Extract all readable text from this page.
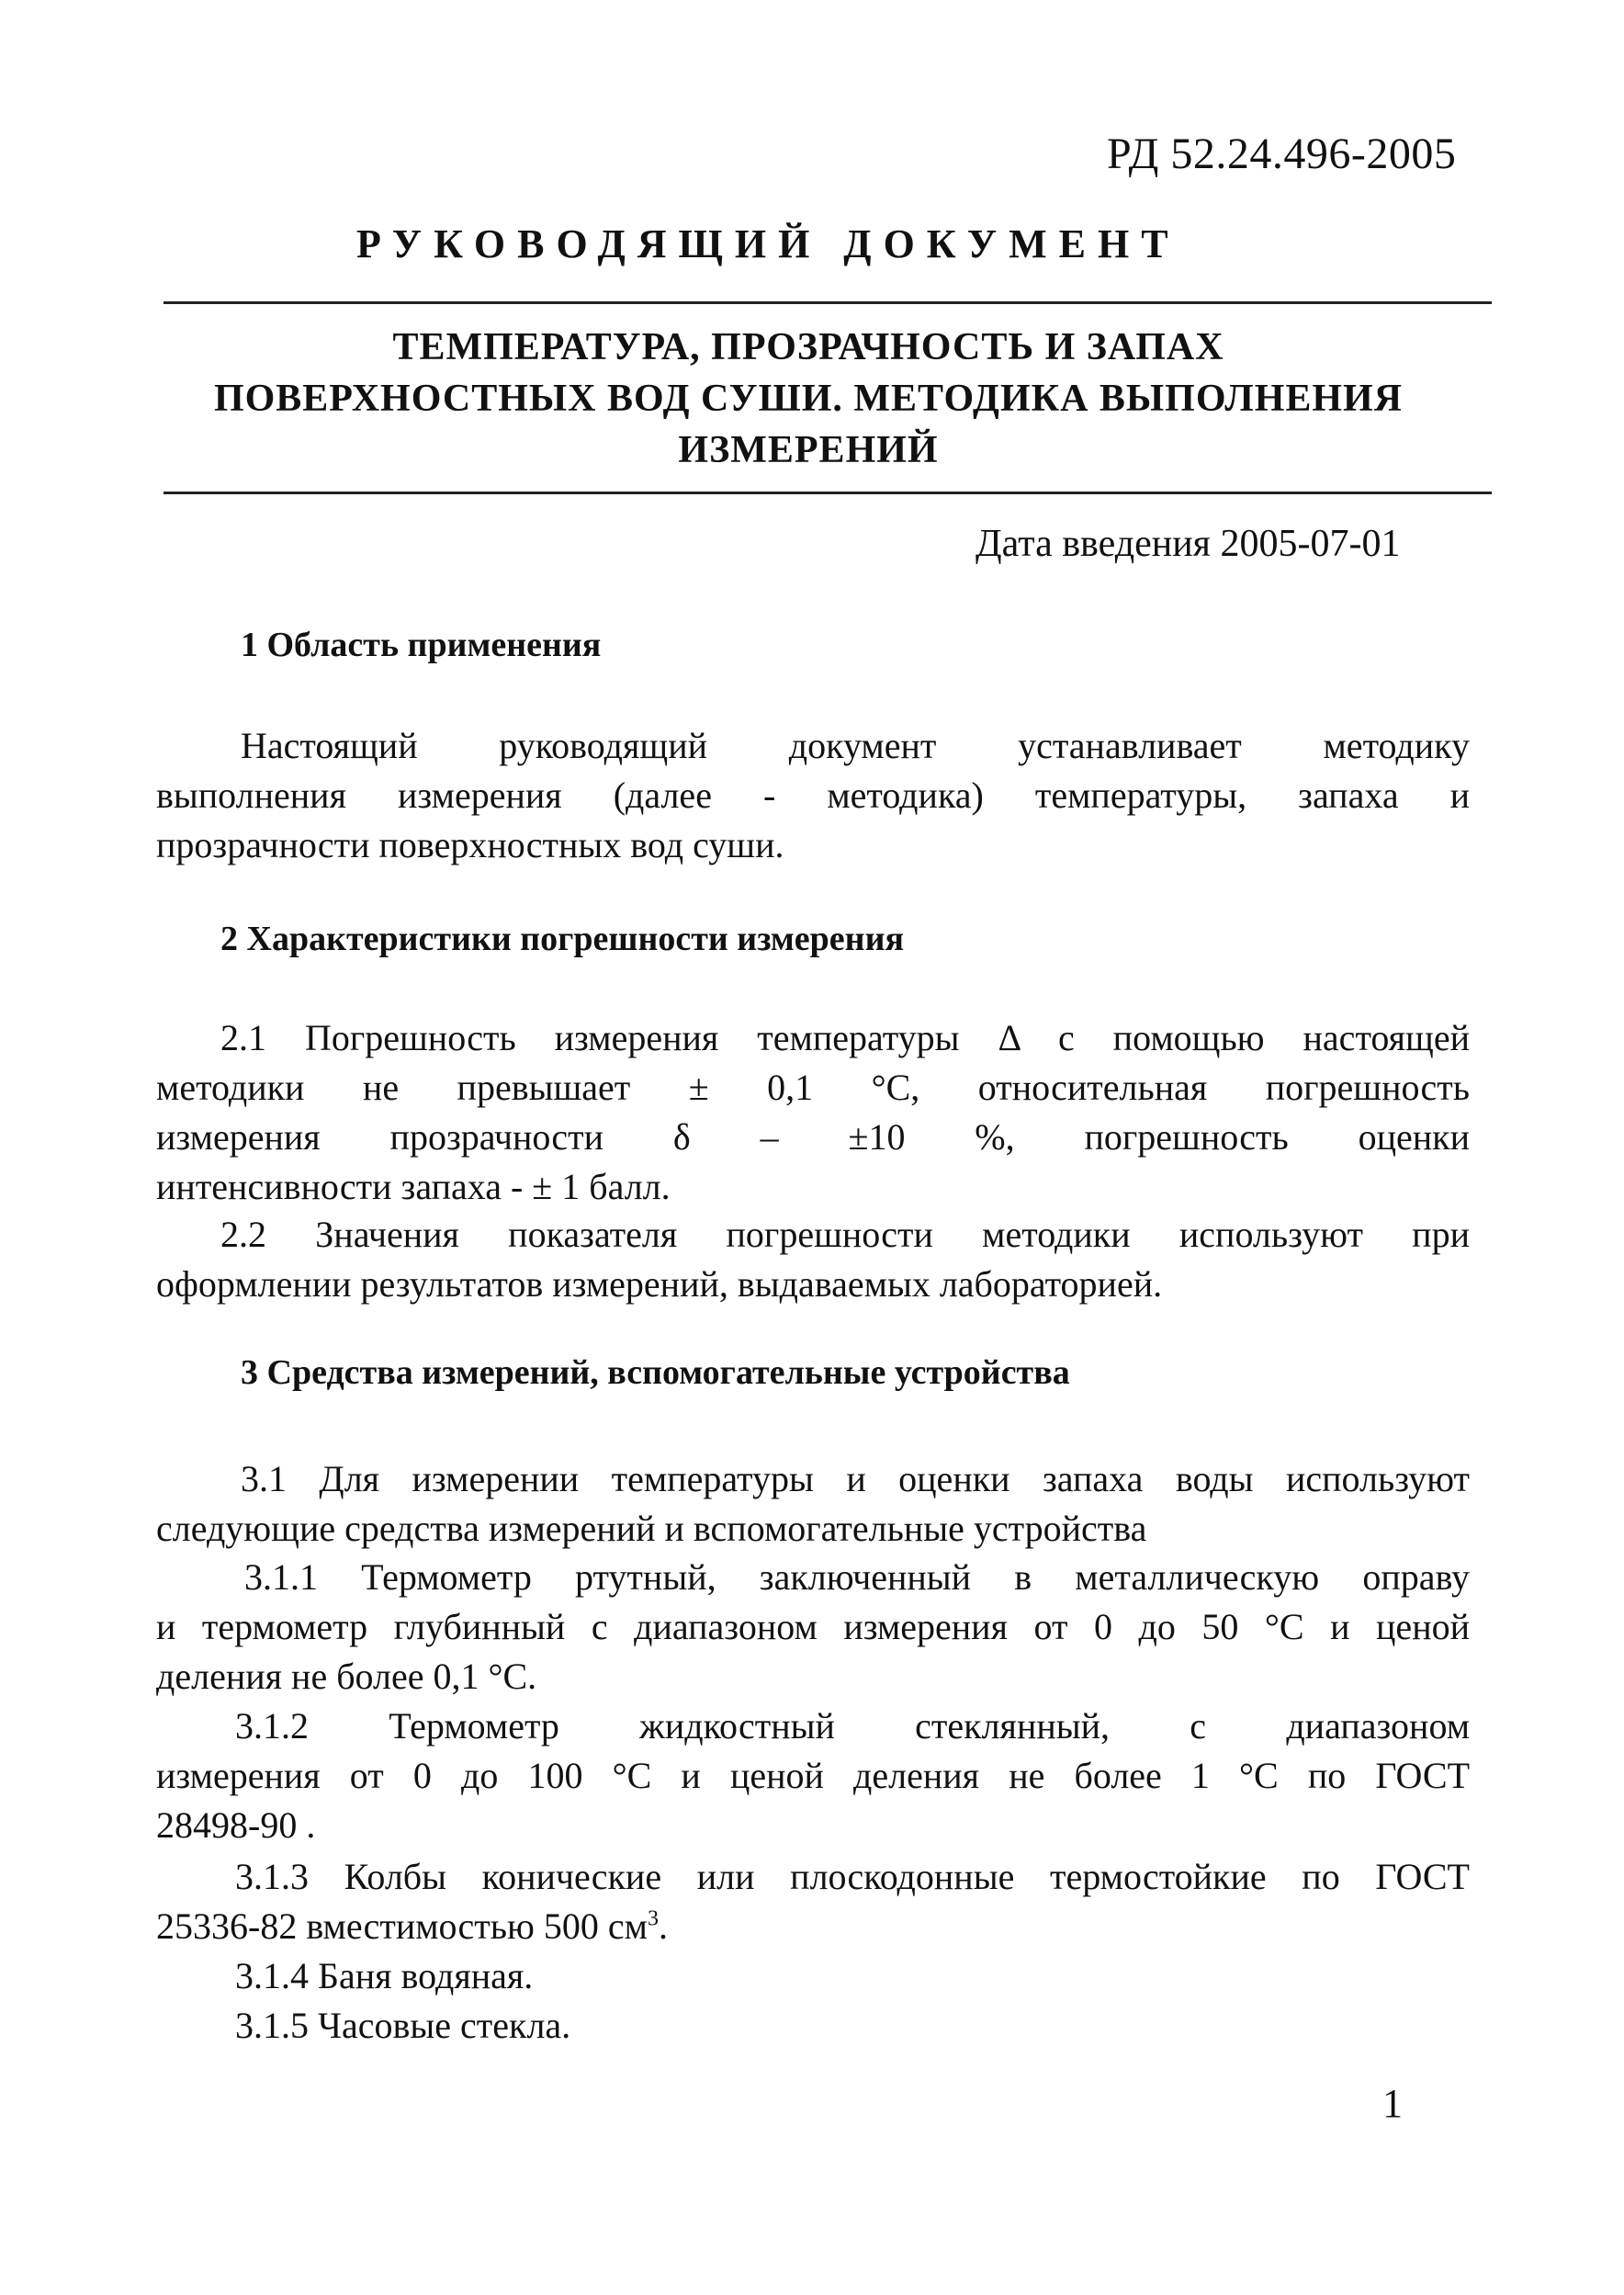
РД 52.24.496-2005
РУКОВОДЯЩИЙ ДОКУМЕНТ
ТЕМПЕРАТУРА, ПРОЗРАЧНОСТЬ И ЗАПАХ
ПОВЕРХНОСТНЫХ ВОД СУШИ. МЕТОДИКА ВЫПОЛНЕНИЯ
ИЗМЕРЕНИЙ
Дата введения 2005-07-01
1 Область применения
Настоящий руководящий документ устанавливает методику
выполнения измерения (далее - методика) температуры, запаха и
прозрачности поверхностных вод суши.
2 Характеристики погрешности измерения
2.1 Погрешность измерения температуры Δ с помощью настоящей
методики не превышает ± 0,1 °С, относительная погрешность
измерения прозрачности δ – ±10 %, погрешность оценки
интенсивности запаха - ± 1 балл.
2.2 Значения показателя погрешности методики используют при
оформлении результатов измерений, выдаваемых лабораторией.
3 Средства измерений, вспомогательные устройства
3.1 Для измерении температуры и оценки запаха воды используют
следующие средства измерений и вспомогательные устройства
3.1.1 Термометр ртутный, заключенный в металлическую оправу
и термометр глубинный с диапазоном измерения от 0 до 50 °С и ценой
деления не более 0,1 °С.
3.1.2 Термометр жидкостный стеклянный, с диапазоном
измерения от 0 до 100 °С и ценой деления не более 1 °С по ГОСТ
28498-90 .
3.1.3 Колбы конические или плоскодонные термостойкие по ГОСТ
25336-82 вместимостью 500 $см^3$.
3.1.4 Баня водяная.
3.1.5 Часовые стекла.
1
